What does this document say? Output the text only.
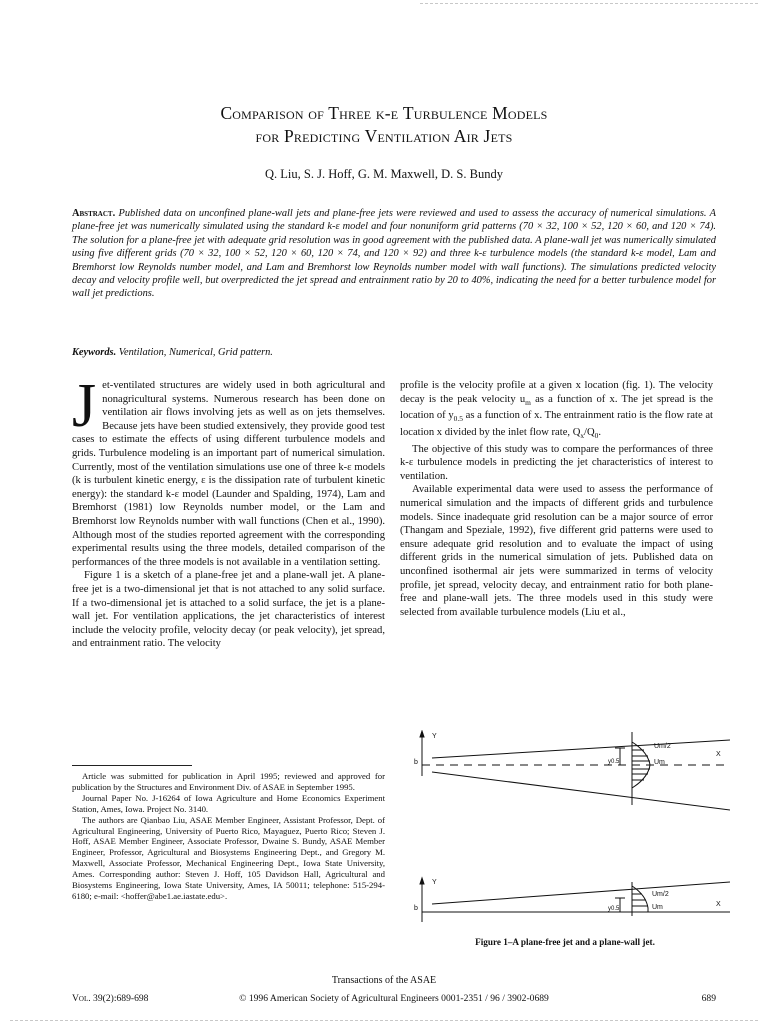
Comparison of Three k-ε Turbulence Models
for Predicting Ventilation Air Jets
Q. Liu, S. J. Hoff, G. M. Maxwell, D. S. Bundy
Abstract. Published data on unconfined plane-wall jets and plane-free jets were reviewed and used to assess the accuracy of numerical simulations. A plane-free jet was numerically simulated using the standard k-ε model and four nonuniform grid patterns (70 × 32, 100 × 52, 120 × 60, and 120 × 74). The solution for a plane-free jet with adequate grid resolution was in good agreement with the published data. A plane-wall jet was numerically simulated using five different grids (70 × 32, 100 × 52, 120 × 60, 120 × 74, and 120 × 92) and three k-ε turbulence models (the standard k-ε model, Lam and Bremhorst low Reynolds number model, and Lam and Bremhorst low Reynolds number model with wall functions). The simulations predicted velocity decay and velocity profile well, but overpredicted the jet spread and entrainment ratio by 20 to 40%, indicating the need for a better turbulence model for wall jet predictions.
Keywords. Ventilation, Numerical, Grid pattern.

Jet-ventilated structures are widely used in both agricultural and nonagricultural systems. Numerous research has been done on ventilation air flows involving jets as well as on jets themselves. Because jets have been studied extensively, they provide good test cases to estimate the effects of using different turbulence models and grids. Turbulence modeling is an important part of numerical simulation. Currently, most of the ventilation simulations use one of three k-ε models (k is turbulent kinetic energy, ε is the dissipation rate of turbulent kinetic energy): the standard k-ε model (Launder and Spalding, 1974), Lam and Bremhorst (1981) low Reynolds number model, or the Lam and Bremhorst low Reynolds number with wall functions (Chen et al., 1990). Although most of the studies reported agreement with the corresponding experimental results using the three models, detailed comparison of the performances of the three models is not available in a ventilation setting.

Figure 1 is a sketch of a plane-free jet and a plane-wall jet. A plane-free jet is a two-dimensional jet that is not attached to any solid surface. If a two-dimensional jet is attached to a solid surface, the jet is a plane-wall jet. For ventilation applications, the jet characteristics of interest include the velocity profile, velocity decay (or peak velocity), jet spread, and entrainment ratio. The velocity

profile is the velocity profile at a given x location (fig. 1). The velocity decay is the peak velocity $u_m$ as a function of x. The jet spread is the location of $y_{0.5}$ as a function of x. The entrainment ratio is the flow rate at location x divided by the inlet flow rate, $Q_x/Q_0$.

The objective of this study was to compare the performances of three k-ε turbulence models in predicting the jet characteristics of interest to ventilation.

Available experimental data were used to assess the performance of numerical simulation and the impacts of different grids and turbulence models. Since inadequate grid resolution can be a major source of error (Thangam and Speziale, 1992), five different grid patterns were used to ensure adequate grid resolution and to evaluate the impact of using different grids in the numerical simulation of jets. Published data on unconfined isothermal air jets were summarized in terms of velocity profile, jet spread, velocity decay, and entrainment ratio for both plane-free and plane-wall jets. The three models used in this study were selected from available turbulence models (Liu et al.,

Y
b
X
Um/2
Um
y0.5
Y
b
X
Um/2
Um
y0.5
Figure 1–A plane-free jet and a plane-wall jet.

Article was submitted for publication in April 1995; reviewed and approved for publication by the Structures and Environment Div. of ASAE in September 1995.

Journal Paper No. J-16264 of Iowa Agriculture and Home Economics Experiment Station, Ames, Iowa. Project No. 3140.

The authors are Qianbao Liu, ASAE Member Engineer, Assistant Professor, Dept. of Agricultural Engineering, University of Puerto Rico, Mayaguez, Puerto Rico; Steven J. Hoff, ASAE Member Engineer, Associate Professor, Dwaine S. Bundy, ASAE Member Engineer, Professor, Agricultural and Biosystems Engineering Dept., and Gregory M. Maxwell, Associate Professor, Mechanical Engineering Dept., Iowa State University, Ames. Corresponding author: Steven J. Hoff, 105 Davidson Hall, Agricultural and Biosystems Engineering, Iowa State University, Ames, IA 50011; telephone: 515-294-6180; e-mail: <hoffer@abe1.ae.iastate.edu>.

Transactions of the ASAE
© 1996 American Society of Agricultural Engineers 0001-2351 / 96 / 3902-0689
Vol. 39(2):689-698	689
